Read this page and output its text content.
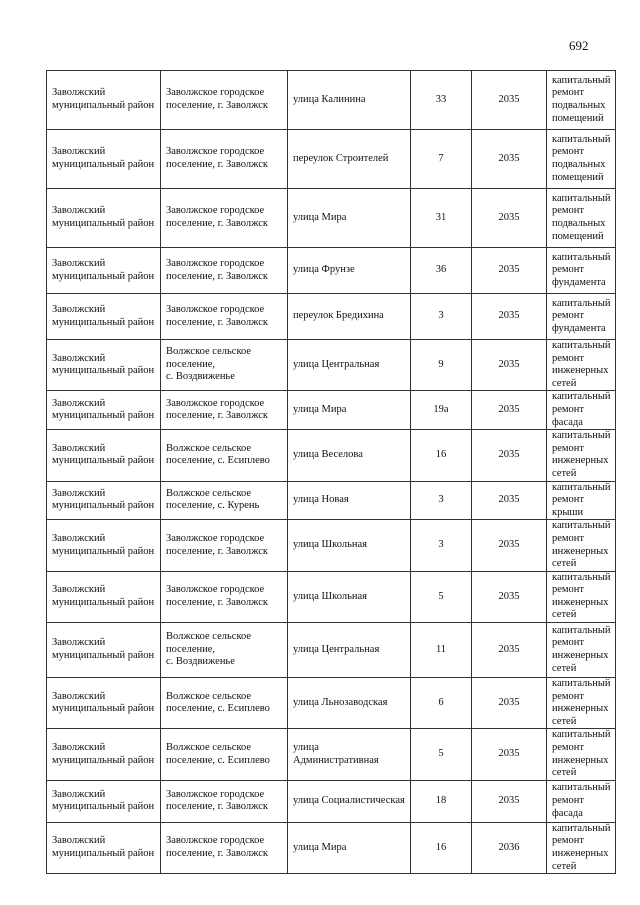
692
Заволжский муниципальный район	Заволжское городское поселение, г. Заволжск	улица Калинина	33	2035	капитальный ремонт подвальных помещений

Заволжский муниципальный район	Заволжское городское поселение, г. Заволжск	переулок Строителей	7	2035	капитальный ремонт подвальных помещений

Заволжский муниципальный район	Заволжское городское поселение, г. Заволжск	улица Мира	31	2035	капитальный ремонт подвальных помещений

Заволжский муниципальный район	Заволжское городское поселение, г. Заволжск	улица Фрунзе	36	2035	капитальный ремонт фундамента

Заволжский муниципальный район	Заволжское городское поселение, г. Заволжск	переулок Бредихина	3	2035	капитальный ремонт фундамента

Заволжский муниципальный район	Волжское сельское поселение,
с. Воздвиженье	улица Центральная	9	2035	капитальный ремонт инженерных сетей

Заволжский муниципальный район	Заволжское городское поселение, г. Заволжск	улица Мира	19а	2035	капитальный ремонт фасада

Заволжский муниципальный район	Волжское сельское поселение, с. Есиплево	улица Веселова	16	2035	капитальный ремонт инженерных сетей

Заволжский муниципальный район	Волжское сельское поселение, с. Курень	улица Новая	3	2035	капитальный ремонт крыши

Заволжский муниципальный район	Заволжское городское поселение, г. Заволжск	улица Школьная	3	2035	капитальный ремонт инженерных сетей

Заволжский муниципальный район	Заволжское городское поселение, г. Заволжск	улица Школьная	5	2035	капитальный ремонт инженерных сетей

Заволжский муниципальный район	Волжское сельское поселение,
с. Воздвиженье	улица Центральная	11	2035	капитальный ремонт инженерных сетей

Заволжский муниципальный район	Волжское сельское поселение, с. Есиплево	улица Льнозаводская	6	2035	капитальный ремонт инженерных сетей

Заволжский муниципальный район	Волжское сельское поселение, с. Есиплево	улица Административная	5	2035	капитальный ремонт инженерных сетей

Заволжский муниципальный район	Заволжское городское поселение, г. Заволжск	улица Социалистическая	18	2035	капитальный ремонт фасада

Заволжский муниципальный район	Заволжское городское поселение, г. Заволжск	улица Мира	16	2036	капитальный ремонт инженерных сетей
